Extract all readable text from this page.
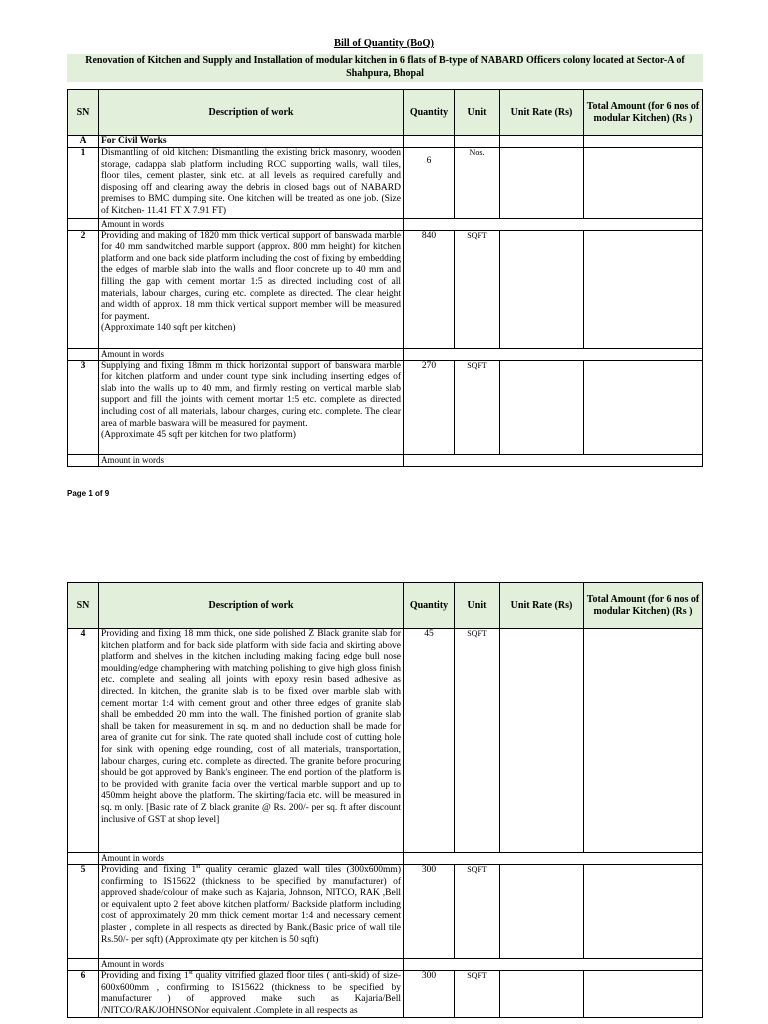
Bill of Quantity (BoQ)
Renovation of Kitchen and Supply and Installation of modular kitchen in 6 flats of B-type of NABARD Officers colony located at Sector-A of Shahpura, Bhopal
SN	Description of work	Quantity	Unit	Unit Rate (Rs)	Total Amount (for 6 nos of modular Kitchen) (Rs )
A	For Civil Works				
1	Dismantling of old kitchen: Dismantling the existing brick masonry, wooden storage, cadappa slab platform including RCC supporting walls, wall tiles, floor tiles, cement plaster, sink etc. at all levels as required carefully and disposing off and clearing away the debris in closed bags out of NABARD premises to BMC dumping site. One kitchen will be treated as one job. (Size of Kitchen- 11.41 FT X 7.91 FT)	6	Nos.		
	Amount in words				
2	Providing and making of 1820 mm thick vertical support of banswada marble for 40 mm sandwitched marble support (approx. 800 mm height) for kitchen platform and one back side platform including the cost of fixing by embedding the edges of marble slab into the walls and floor concrete up to 40 mm and filling the gap with cement mortar 1:5 as directed including cost of all materials, labour charges, curing etc. complete as directed. The clear height and width of approx. 18 mm thick vertical support member will be measured for payment.
(Approximate 140 sqft per kitchen)	840	SQFT		
	Amount in words				
3	Supplying and fixing 18mm m thick horizontal support of banswara marble for kitchen platform and under count type sink including inserting edges of slab into the walls up to 40 mm, and firmly resting on vertical marble slab support and fill the joints with cement mortar 1:5 etc. complete as directed including cost of all materials, labour charges, curing etc. complete. The clear area of marble baswara will be measured for payment.
(Approximate 45 sqft per kitchen for two platform)	270	SQFT		
	Amount in words				
Page 1 of 9
SN	Description of work	Quantity	Unit	Unit Rate (Rs)	Total Amount (for 6 nos of modular Kitchen) (Rs )
4	Providing and fixing 18 mm thick, one side polished Z Black granite slab for kitchen platform and for back side platform with side facia and skirting above platform and shelves in the kitchen including making facing edge bull nose moulding/edge champhering with matching polishing to give high gloss finish etc. complete and sealing all joints with epoxy resin based adhesive as directed. In kitchen, the granite slab is to be fixed over marble slab with cement mortar 1:4 with cement grout and other three edges of granite slab shall be embedded 20 mm into the wall. The finished portion of granite slab shall be taken for measurement in sq. m and no deduction shall be made for area of granite cut for sink. The rate quoted shall include cost of cutting hole for sink with opening edge rounding, cost of all materials, transportation, labour charges, curing etc. complete as directed. The granite before procuring should be got approved by Bank's engineer. The end portion of the platform is to be provided with granite facia over the vertical marble support and up to 450mm height above the platform. The skirting/facia etc. will be measured in sq. m only. [Basic rate of Z black granite @ Rs. 200/- per sq. ft after discount inclusive of GST at shop level]	45	SQFT		
	Amount in words				
5	Providing and fixing 1st quality ceramic glazed wall tiles (300x600mm) confirming to IS15622 (thickness to be specified by manufacturer) of approved shade/colour of make such as Kajaria, Johnson, NITCO, RAK ,Bell or equivalent upto 2 feet above kitchen platform/ Backside platform including cost of approximately 20 mm thick cement mortar 1:4 and necessary cement plaster , complete in all respects as directed by Bank.(Basic price of wall tile Rs.50/- per sqft) (Approximate qty per kitchen is 50 sqft)	300	SQFT		
	Amount in words				
6	Providing and fixing 1st quality vitrified glazed floor tiles ( anti-skid) of size- 600x600mm , confirming to IS15622 (thickness to be specified by manufacturer ) of approved make such as Kajaria/Bell /NITCO/RAK/JOHNSONor equivalent .Complete in all respects as	300	SQFT		
